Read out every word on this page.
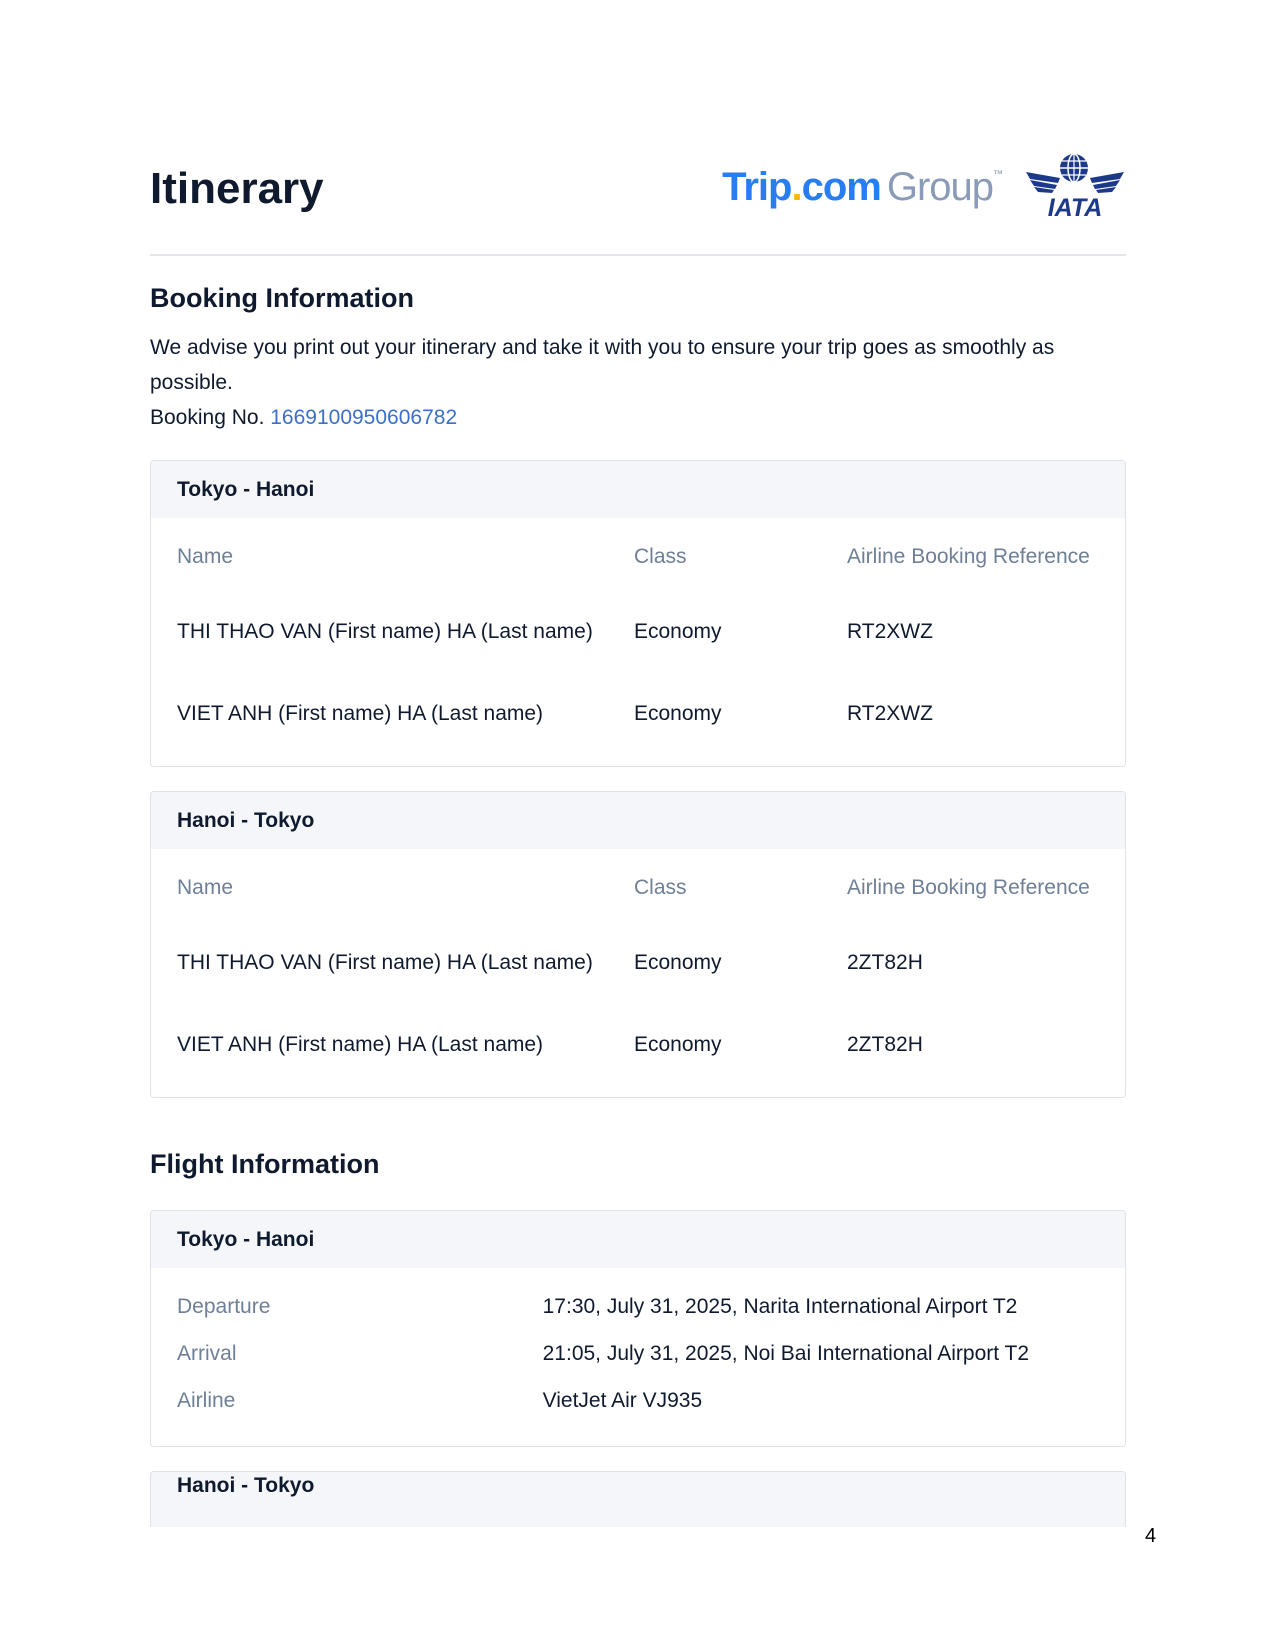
Itinerary	Trip.com Group™
IATA
Booking Information
We advise you print out your itinerary and take it with you to ensure your trip goes as smoothly as possible.
Booking No. 1669100950606782
Tokyo - Hanoi
Name	Class	Airline Booking Reference
THI THAO VAN (First name) HA (Last name)	Economy	RT2XWZ
VIET ANH (First name) HA (Last name)	Economy	RT2XWZ
Hanoi - Tokyo
Name	Class	Airline Booking Reference
THI THAO VAN (First name) HA (Last name)	Economy	2ZT82H
VIET ANH (First name) HA (Last name)	Economy	2ZT82H
Flight Information
Tokyo - Hanoi
Departure	17:30, July 31, 2025, Narita International Airport T2
Arrival	21:05, July 31, 2025, Noi Bai International Airport T2
Airline	VietJet Air VJ935
Hanoi - Tokyo
4
